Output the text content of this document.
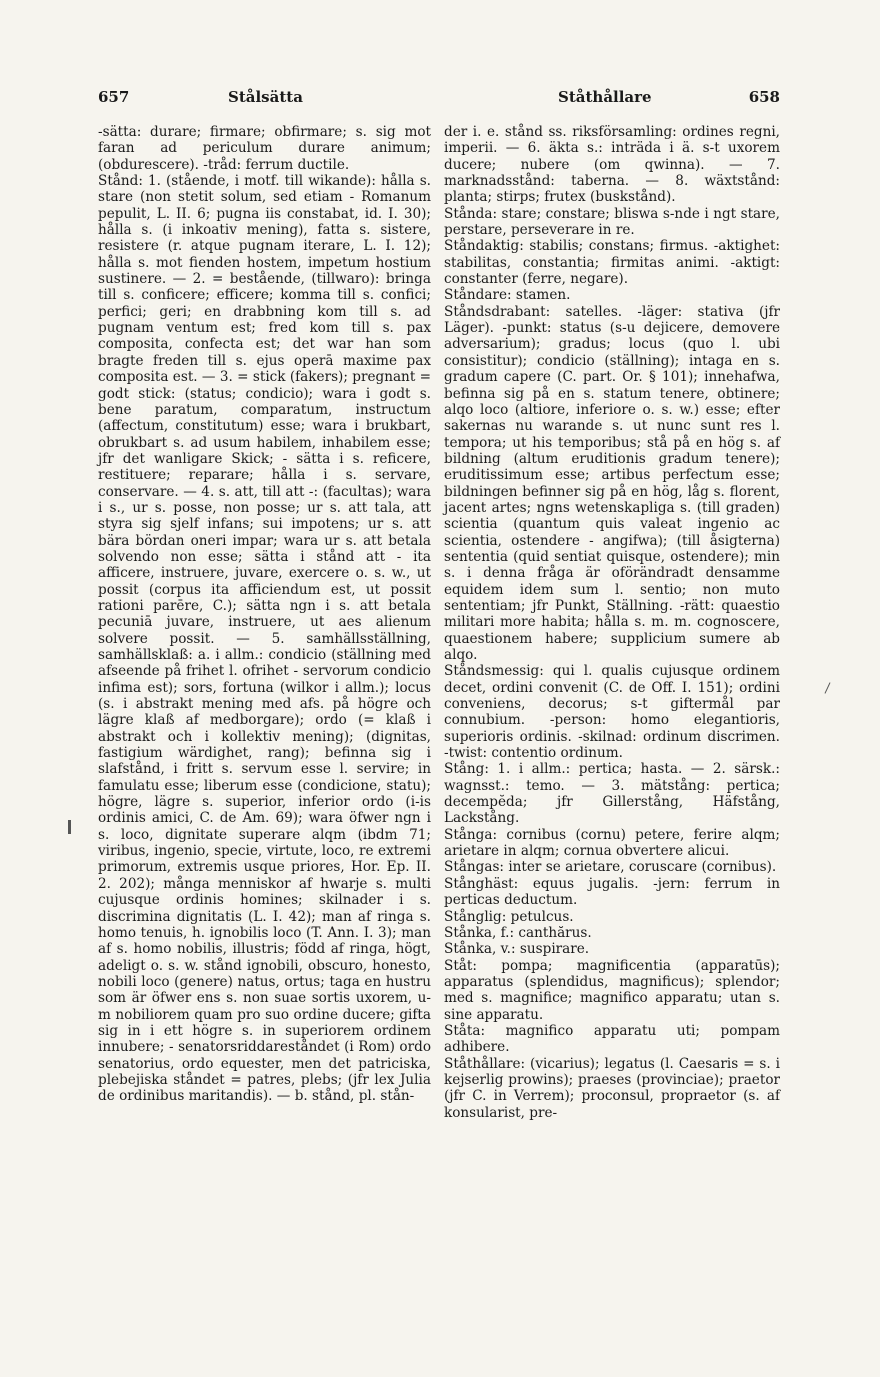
657	Stålsätta	Ståthållare	658

-sätta: durare; firmare; obfirmare; s. sig mot faran ad periculum durare animum; (obdurescere). -tråd: ferrum ductile.

Stånd: 1. (stående, i motf. till wikande): hålla s. stare (non stetit solum, sed etiam - Romanum pepulit, L. II. 6; pugna iis constabat, id. I. 30); hålla s. (i inkoativ mening), fatta s. sistere, resistere (r. atque pugnam iterare, L. I. 12); hålla s. mot fienden hostem, impetum hostium sustinere. — 2. = bestående, (tillwaro): bringa till s. conficere; efficere; komma till s. confici; perfici; geri; en drabbning kom till s. ad pugnam ventum est; fred kom till s. pax composita, confecta est; det war han som bragte freden till s. ejus operā maxime pax composita est. — 3. = stick (fakers); pregnant = godt stick: (status; condicio); wara i godt s. bene paratum, comparatum, instructum (affectum, constitutum) esse; wara i brukbart, obrukbart s. ad usum habilem, inhabilem esse; jfr det wanligare Skick; - sätta i s. reficere, restituere; reparare; hålla i s. servare, conservare. — 4. s. att, till att -: (facultas); wara i s., ur s. posse, non posse; ur s. att tala, att styra sig sjelf infans; sui impotens; ur s. att bära bördan oneri impar; wara ur s. att betala solvendo non esse; sätta i stånd att - ita afficere, instruere, juvare, exercere o. s. w., ut possit (corpus ita afficiendum est, ut possit rationi parēre, C.); sätta ngn i s. att betala pecuniā juvare, instruere, ut aes alienum solvere possit. — 5. samhällsställning, samhällsklaß: a. i allm.: condicio (ställning med afseende på frihet l. ofrihet - servorum condicio infima est); sors, fortuna (wilkor i allm.); locus (s. i abstrakt mening med afs. på högre och lägre klaß af medborgare); ordo (= klaß i abstrakt och i kollektiv mening); (dignitas, fastigium wärdighet, rang); befinna sig i slafstånd, i fritt s. servum esse l. servire; in famulatu esse; liberum esse (condicione, statu); högre, lägre s. superior, inferior ordo (i-is ordinis amici, C. de Am. 69); wara öfwer ngn i s. loco, dignitate superare alqm (ibdm 71; viribus, ingenio, specie, virtute, loco, re extremi primorum, extremis usque priores, Hor. Ep. II. 2. 202); många menniskor af hwarje s. multi cujusque ordinis homines; skilnader i s. discrimina dignitatis (L. I. 42); man af ringa s. homo tenuis, h. ignobilis loco (T. Ann. I. 3); man af s. homo nobilis, illustris; född af ringa, högt, adeligt o. s. w. stånd ignobili, obscuro, honesto, nobili loco (genere) natus, ortus; taga en hustru som är öfwer ens s. non suae sortis uxorem, u-m nobiliorem quam pro suo ordine ducere; gifta sig in i ett högre s. in superiorem ordinem innubere; - senatorsriddareståndet (i Rom) ordo senatorius, ordo equester, men det patriciska, plebejiska ståndet = patres, plebs; (jfr lex Julia de ordinibus maritandis). — b. stånd, pl. stån-

der i. e. stånd ss. riksförsamling: ordines regni, imperii. — 6. äkta s.: inträda i ä. s-t uxorem ducere; nubere (om qwinna). — 7. marknadsstånd: taberna. — 8. wäxtstånd: planta; stirps; frutex (buskstånd).

Stånda: stare; constare; bliswa s-nde i ngt stare, perstare, perseverare in re.

Ståndaktig: stabilis; constans; firmus. -aktighet: stabilitas, constantia; firmitas animi. -aktigt: constanter (ferre, negare).

Ståndare: stamen.

Ståndsdrabant: satelles. -läger: stativa (jfr Läger). -punkt: status (s-u dejicere, demovere adversarium); gradus; locus (quo l. ubi consistitur); condicio (ställning); intaga en s. gradum capere (C. part. Or. § 101); innehafwa, befinna sig på en s. statum tenere, obtinere; alqo loco (altiore, inferiore o. s. w.) esse; efter sakernas nu warande s. ut nunc sunt res l. tempora; ut his temporibus; stå på en hög s. af bildning (altum eruditionis gradum tenere); eruditissimum esse; artibus perfectum esse; bildningen befinner sig på en hög, låg s. florent, jacent artes; ngns wetenskapliga s. (till graden) scientia (quantum quis valeat ingenio ac scientia, ostendere - angifwa); (till åsigterna) sententia (quid sentiat quisque, ostendere); min s. i denna fråga är oförändradt densamme equidem idem sum l. sentio; non muto sententiam; jfr Punkt, Ställning. -rätt: quaestio militari more habita; hålla s. m. m. cognoscere, quaestionem habere; supplicium sumere ab alqo.

Ståndsmessig: qui l. qualis cujusque ordinem decet, ordini convenit (C. de Off. I. 151); ordini conveniens, decorus; s-t giftermål par connubium. -person: homo elegantioris, superioris ordinis. -skilnad: ordinum discrimen. -twist: contentio ordinum.

Stång: 1. i allm.: pertica; hasta. — 2. särsk.: wagnsst.: temo. — 3. mätstång: pertica; decempĕda; jfr Gillerstång, Häfstång, Lackstång.

Stånga: cornibus (cornu) petere, ferire alqm; arietare in alqm; cornua obvertere alicui.

Stångas: inter se arietare, coruscare (cornibus).

Stånghäst: equus jugalis. -jern: ferrum in perticas deductum.

Stånglig: petulcus.

Stånka, f.: canthărus.

Stånka, v.: suspirare.

Ståt: pompa; magnificentia (apparatūs); apparatus (splendidus, magnificus); splendor; med s. magnifice; magnifico apparatu; utan s. sine apparatu.

Ståta: magnifico apparatu uti; pompam adhibere.

Ståthållare: (vicarius); legatus (l. Caesaris = s. i kejserlig prowins); praeses (provinciae); praetor (jfr C. in Verrem); proconsul, propraetor (s. af konsularist, pre-
